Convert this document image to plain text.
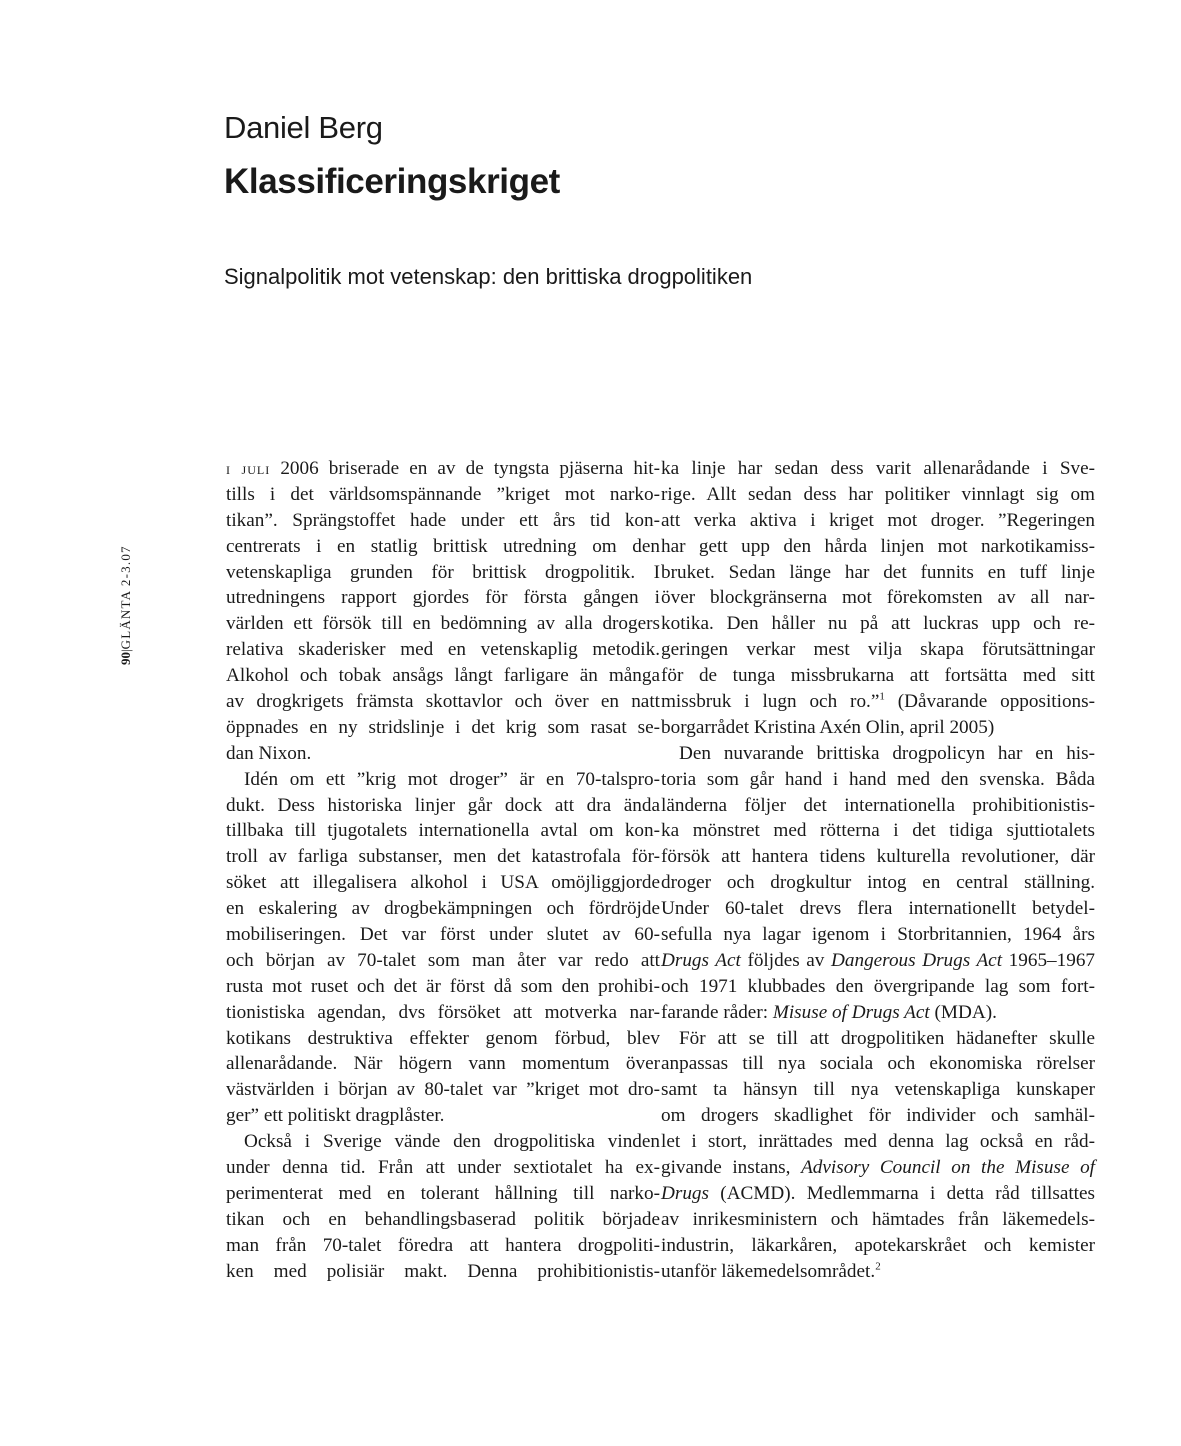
Daniel Berg
Klassificeringskriget
Signalpolitik mot vetenskap: den brittiska drogpolitiken
90|GLÄNTA 2-3.07
i juli 2006 briserade en av de tyngsta pjäserna hit-
tills i det världsomspännande ”kriget mot narko-
tikan”. Sprängstoffet hade under ett års tid kon-
centrerats i en statlig brittisk utredning om den
vetenskapliga grunden för brittisk drogpolitik. I
utredningens rapport gjordes för första gången i
världen ett försök till en bedömning av alla drogers
relativa skaderisker med en vetenskaplig metodik.
Alkohol och tobak ansågs långt farligare än många
av drogkrigets främsta skottavlor och över en natt
öppnades en ny stridslinje i det krig som rasat se-
dan Nixon.
Idén om ett ”krig mot droger” är en 70-talspro-
dukt. Dess historiska linjer går dock att dra ända
tillbaka till tjugotalets internationella avtal om kon-
troll av farliga substanser, men det katastrofala för-
söket att illegalisera alkohol i USA omöjliggjorde
en eskalering av drogbekämpningen och fördröjde
mobiliseringen. Det var först under slutet av 60-
och början av 70-talet som man åter var redo att
rusta mot ruset och det är först då som den prohibi-
tionistiska agendan, dvs försöket att motverka nar-
kotikans destruktiva effekter genom förbud, blev
allenarådande. När högern vann momentum över
västvärlden i början av 80-talet var ”kriget mot dro-
ger” ett politiskt dragplåster.
Också i Sverige vände den drogpolitiska vinden
under denna tid. Från att under sextiotalet ha ex-
perimenterat med en tolerant hållning till narko-
tikan och en behandlingsbaserad politik började
man från 70-talet föredra att hantera drogpoliti-
ken med polisiär makt. Denna prohibitionistis-
ka linje har sedan dess varit allenarådande i Sve-
rige. Allt sedan dess har politiker vinnlagt sig om
att verka aktiva i kriget mot droger. ”Regeringen
har gett upp den hårda linjen mot narkotikamiss-
bruket. Sedan länge har det funnits en tuff linje
över blockgränserna mot förekomsten av all nar-
kotika. Den håller nu på att luckras upp och re-
geringen verkar mest vilja skapa förutsättningar
för de tunga missbrukarna att fortsätta med sitt
missbruk i lugn och ro.”$^1$ (Dåvarande oppositions-
borgarrådet Kristina Axén Olin, april 2005)
Den nuvarande brittiska drogpolicyn har en his-
toria som går hand i hand med den svenska. Båda
länderna följer det internationella prohibitionistis-
ka mönstret med rötterna i det tidiga sjuttiotalets
försök att hantera tidens kulturella revolutioner, där
droger och drogkultur intog en central ställning.
Under 60-talet drevs flera internationellt betydel-
sefulla nya lagar igenom i Storbritannien, 1964 års
Drugs Act följdes av Dangerous Drugs Act 1965–1967
och 1971 klubbades den övergripande lag som fort-
farande råder: Misuse of Drugs Act (MDA).
För att se till att drogpolitiken hädanefter skulle
anpassas till nya sociala och ekonomiska rörelser
samt ta hänsyn till nya vetenskapliga kunskaper
om drogers skadlighet för individer och samhäl-
let i stort, inrättades med denna lag också en råd-
givande instans, Advisory Council on the Misuse of
Drugs (ACMD). Medlemmarna i detta råd tillsattes
av inrikesministern och hämtades från läkemedels-
industrin, läkarkåren, apotekarskrået och kemister
utanför läkemedelsområdet.$^2$
